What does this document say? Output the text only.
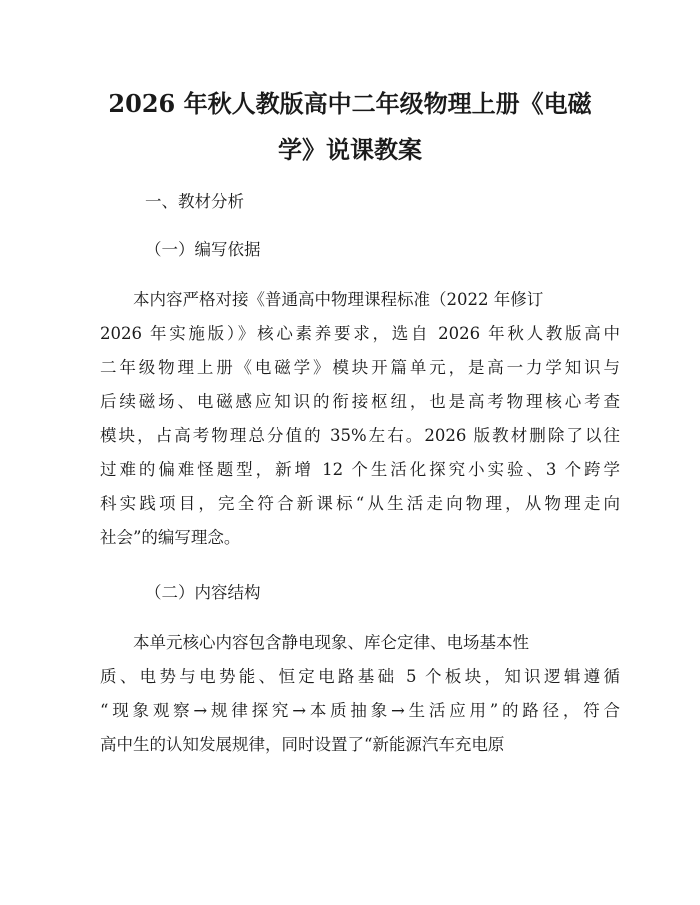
2026 年秋人教版高中二年级物理上册《电磁
学》说课教案
一、教材分析
（一）编写依据
本内容严格对接《普通高中物理课程标准（2022 年修订
2026 年实施版）》核心素养要求，选自 2026 年秋人教版高中
二年级物理上册《电磁学》模块开篇单元，是高一力学知识与
后续磁场、电磁感应知识的衔接枢纽，也是高考物理核心考查
模块，占高考物理总分值的 35%左右。2026 版教材删除了以往
过难的偏难怪题型，新增 12 个生活化探究小实验、3 个跨学
科实践项目，完全符合新课标“从生活走向物理，从物理走向
社会”的编写理念。
（二）内容结构
本单元核心内容包含静电现象、库仑定律、电场基本性
质、电势与电势能、恒定电路基础 5 个板块，知识逻辑遵循
“现象观察→规律探究→本质抽象→生活应用”的路径，符合
高中生的认知发展规律，同时设置了“新能源汽车充电原
